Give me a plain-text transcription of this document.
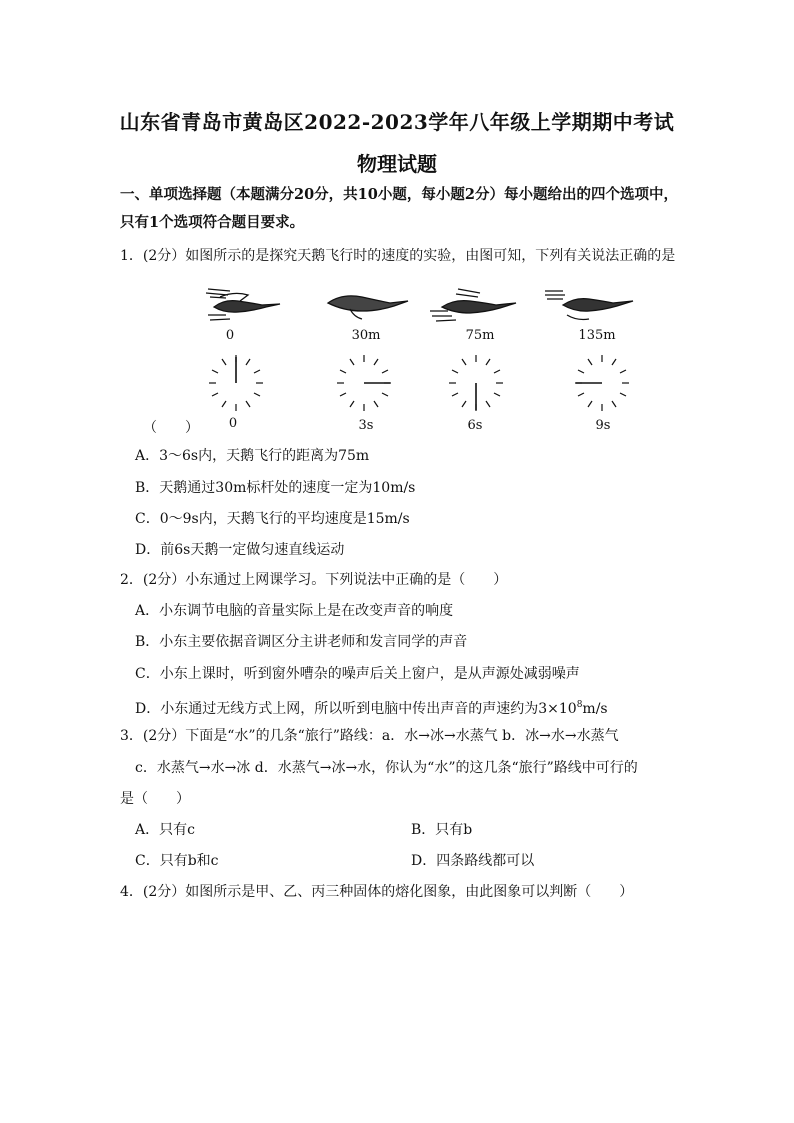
山东省青岛市黄岛区2022-2023学年八年级上学期期中考试
物理试题
一、单项选择题（本题满分20分，共10小题，每小题2分）每小题给出的四个选项中，
只有1个选项符合题目要求。
1．(2分）如图所示的是探究天鹅飞行时的速度的实验，由图可知，下列有关说法正确的是
0	30m	75m	135m
（　　）	0	3s	6s	9s
A．3～6s内，天鹅飞行的距离为75m
B．天鹅通过30m标杆处的速度一定为10m/s
C．0～9s内，天鹅飞行的平均速度是15m/s
D．前6s天鹅一定做匀速直线运动
2．(2分）小东通过上网课学习。下列说法中正确的是（　　）
A．小东调节电脑的音量实际上是在改变声音的响度
B．小东主要依据音调区分主讲老师和发言同学的声音
C．小东上课时，听到窗外嘈杂的噪声后关上窗户，是从声源处减弱噪声
D．小东通过无线方式上网，所以听到电脑中传出声音的声速约为$3\times 10^8m/s$
3．(2分）下面是“水”的几条“旅行”路线：a．水→冰→水蒸气 b．冰→水→水蒸气
c．水蒸气→水→冰 d．水蒸气→冰→水，你认为“水”的这几条“旅行”路线中可行的
是（　　）
A．只有c	B．只有b
C．只有b和c	D．四条路线都可以
4．(2分）如图所示是甲、乙、丙三种固体的熔化图象，由此图象可以判断（　　）
